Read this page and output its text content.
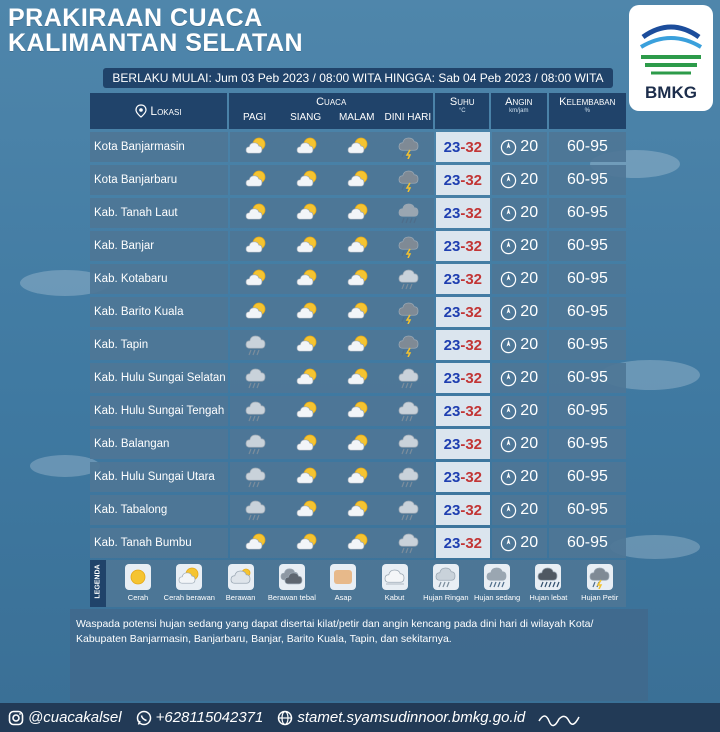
PRAKIRAAN CUACA
KALIMANTAN SELATAN
BMKG
BERLAKU MULAI: Jum 03 Peb 2023 / 08:00 WITA HINGGA: Sab 04 Peb 2023 / 08:00 WITA
Lokasi
Cuaca
PAGI	SIANG	MALAM	DINI HARI
Suhu
°C
Angin
km/jam
Kelembaban
%
Kota Banjarmasin	23 - 32 20	60-95
Kota Banjarbaru	23 - 32 20	60-95
Kab. Tanah Laut	23 - 32 20	60-95
Kab. Banjar	23 - 32 20	60-95
Kab. Kotabaru	23 - 32 20	60-95
Kab. Barito Kuala	23 - 32 20	60-95
Kab. Tapin	23 - 32 20	60-95
Kab. Hulu Sungai Selatan	23 - 32 20	60-95
Kab. Hulu Sungai Tengah	23 - 32 20	60-95
Kab. Balangan	23 - 32 20	60-95
Kab. Hulu Sungai Utara	23 - 32 20	60-95
Kab. Tabalong	23 - 32 20	60-95
Kab. Tanah Bumbu	23 - 32 20	60-95
LEGENDA	Cerah	Cerah berawan	Berawan	Berawan tebal	Asap	Kabut	Hujan Ringan Hujan sedang	Hujan lebat	Hujan Petir
Waspada potensi hujan sedang yang dapat disertai kilat/petir dan angin kencang pada dini hari di wilayah Kota/ Kabupaten Banjarmasin, Banjarbaru, Banjar, Barito Kuala, Tapin, dan sekitarnya.
@cuacakalsel +628115042371 stamet.syamsudinnoor.bmkg.go.id
